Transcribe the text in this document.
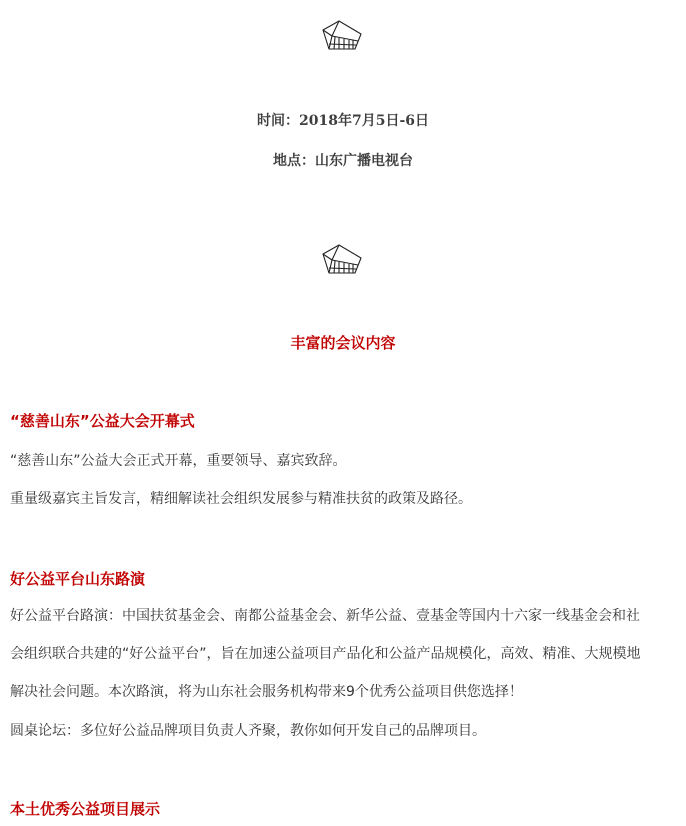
时间：2018年7月5日-6日
地点：山东广播电视台
丰富的会议内容
“慈善山东”公益大会开幕式
“慈善山东”公益大会正式开幕，重要领导、嘉宾致辞。
重量级嘉宾主旨发言，精细解读社会组织发展参与精准扶贫的政策及路径。
好公益平台山东路演
好公益平台路演：中国扶贫基金会、南都公益基金会、新华公益、壹基金等国内十六家一线基金会和社
会组织联合共建的“好公益平台”，旨在加速公益项目产品化和公益产品规模化，高效、精准、大规模地
解决社会问题。本次路演，将为山东社会服务机构带来9个优秀公益项目供您选择！
圆桌论坛：多位好公益品牌项目负责人齐聚，教你如何开发自己的品牌项目。
本土优秀公益项目展示
